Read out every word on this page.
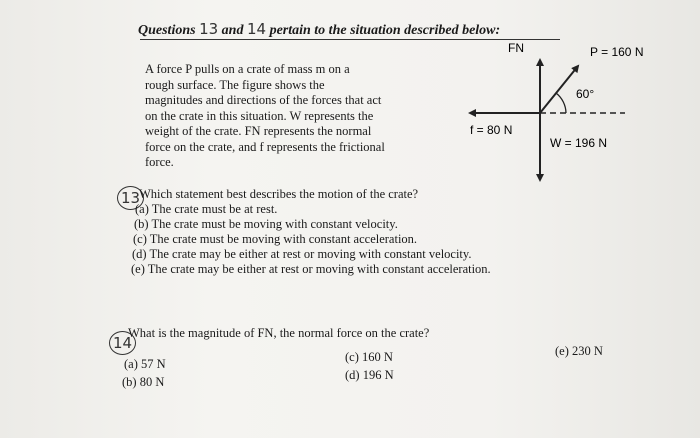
Questions 13 and 14 pertain to the situation described below:
A force P pulls on a crate of mass m on a
rough surface. The figure shows the
magnitudes and directions of the forces that act
on the crate in this situation. W represents the
weight of the crate. FN represents the normal
force on the crate, and f represents the frictional
force.
FN	P = 160 N
60°
f = 80 N
W = 196 N
13
Which statement best describes the motion of the crate?
(a) The crate must be at rest.
(b) The crate must be moving with constant velocity.
(c) The crate must be moving with constant acceleration.
(d) The crate may be either at rest or moving with constant velocity.
(e) The crate may be either at rest or moving with constant acceleration.
14
What is the magnitude of FN, the normal force on the crate?
(a) 57 N
(b) 80 N
(c) 160 N
(d) 196 N
(e) 230 N
